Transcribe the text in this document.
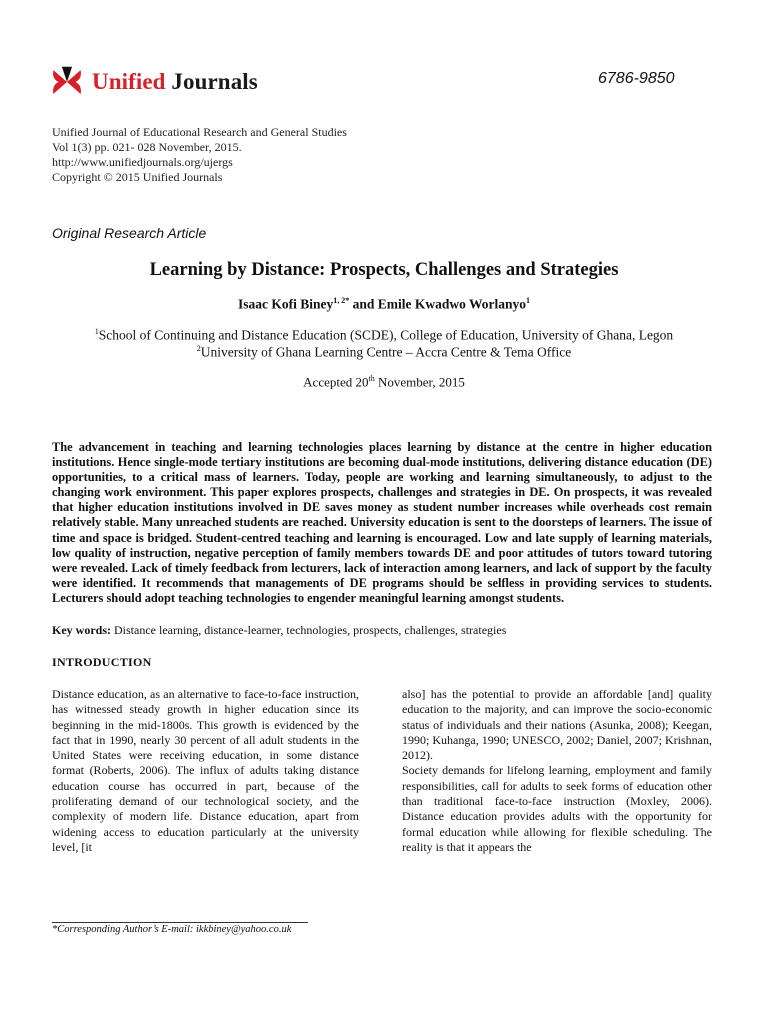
Unified Journals	6786-9850
Unified Journal of Educational Research and General Studies
Vol 1(3) pp. 021- 028 November, 2015.
http://www.unifiedjournals.org/ujergs
Copyright © 2015 Unified Journals
Original Research Article
Learning by Distance: Prospects, Challenges and Strategies
Isaac Kofi Biney$^{1, 2*}$ and Emile Kwadwo Worlanyo$^1$
$^1$School of Continuing and Distance Education (SCDE), College of Education, University of Ghana, Legon
$^2$University of Ghana Learning Centre – Accra Centre & Tema Office
Accepted 20th November, 2015
The advancement in teaching and learning technologies places learning by distance at the centre in higher education institutions. Hence single-mode tertiary institutions are becoming dual-mode institutions, delivering distance education (DE) opportunities, to a critical mass of learners. Today, people are working and learning simultaneously, to adjust to the changing work environment. This paper explores prospects, challenges and strategies in DE. On prospects, it was revealed that higher education institutions involved in DE saves money as student number increases while overheads cost remain relatively stable. Many unreached students are reached. University education is sent to the doorsteps of learners. The issue of time and space is bridged. Student-centred teaching and learning is encouraged. Low and late supply of learning materials, low quality of instruction, negative perception of family members towards DE and poor attitudes of tutors toward tutoring were revealed. Lack of timely feedback from lecturers, lack of interaction among learners, and lack of support by the faculty were identified. It recommends that managements of DE programs should be selfless in providing services to students. Lecturers should adopt teaching technologies to engender meaningful learning amongst students.
Key words: Distance learning, distance-learner, technologies, prospects, challenges, strategies
INTRODUCTION
Distance education, as an alternative to face-to-face instruction, has witnessed steady growth in higher education since its beginning in the mid-1800s. This growth is evidenced by the fact that in 1990, nearly 30 percent of all adult students in the United States were receiving education, in some distance format (Roberts, 2006). The influx of adults taking distance education course has occurred in part, because of the proliferating demand of our technological society, and the complexity of modern life. Distance education, apart from widening access to education particularly at the university level, [it
also] has the potential to provide an affordable [and] quality education to the majority, and can improve the socio-economic status of individuals and their nations (Asunka, 2008); Keegan, 1990; Kuhanga, 1990; UNESCO, 2002; Daniel, 2007; Krishnan, 2012).
Society demands for lifelong learning, employment and family responsibilities, call for adults to seek forms of education other than traditional face-to-face instruction (Moxley, 2006). Distance education provides adults with the opportunity for formal education while allowing for flexible scheduling. The reality is that it appears the
*Corresponding Author’s E-mail: ikkbiney@yahoo.co.uk
